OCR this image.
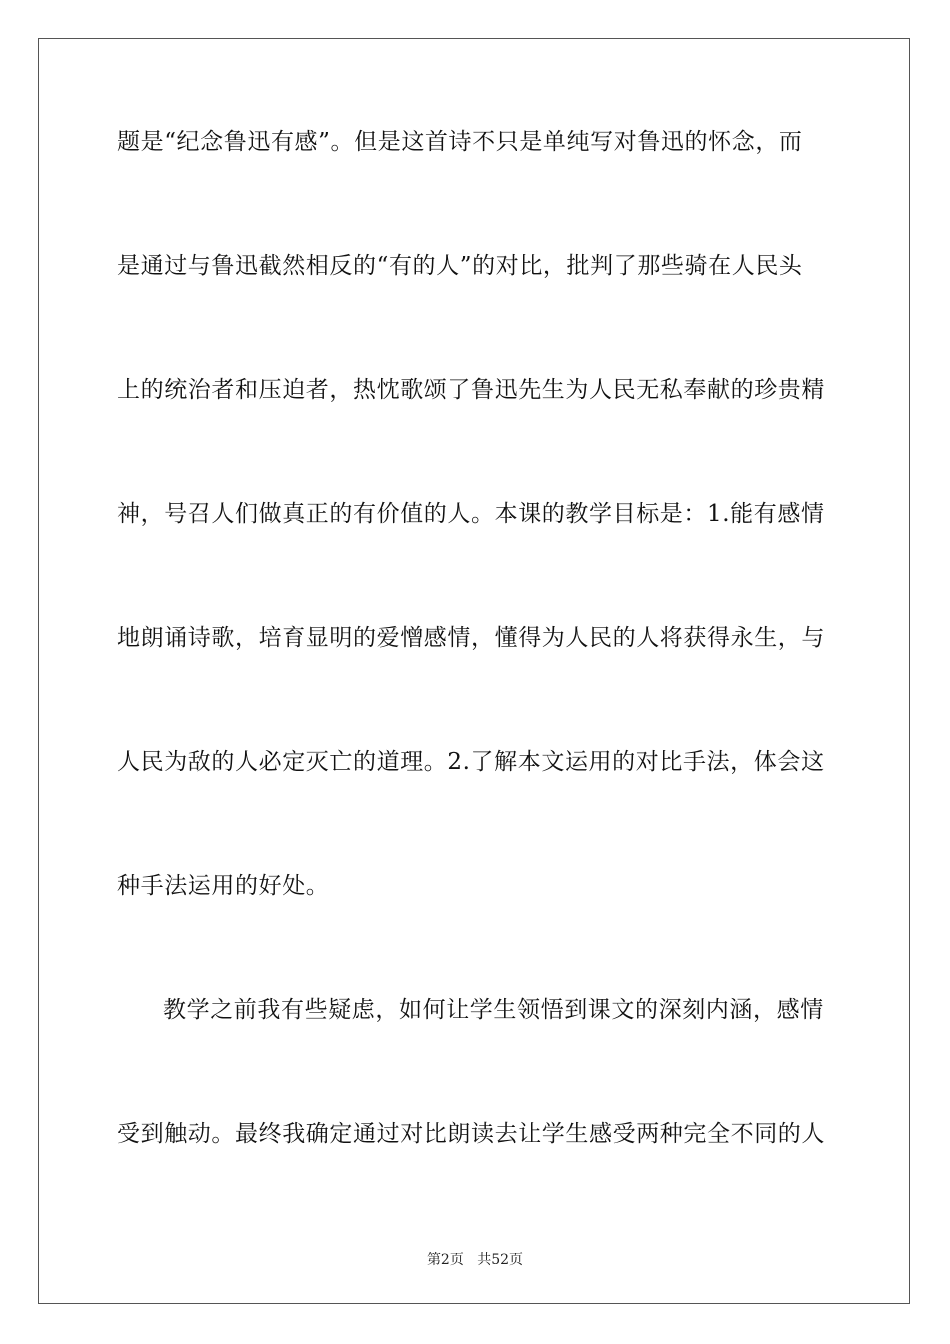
题是“纪念鲁迅有感”。但是这首诗不只是单纯写对鲁迅的怀念，而

是通过与鲁迅截然相反的“有的人”的对比，批判了那些骑在人民头

上的统治者和压迫者，热忱歌颂了鲁迅先生为人民无私奉献的珍贵精

神，号召人们做真正的有价值的人。本课的教学目标是：1.能有感情

地朗诵诗歌，培育显明的爱憎感情，懂得为人民的人将获得永生，与

人民为敌的人必定灭亡的道理。2.了解本文运用的对比手法，体会这

种手法运用的好处。

教学之前我有些疑虑，如何让学生领悟到课文的深刻内涵，感情

受到触动。最终我确定通过对比朗读去让学生感受两种完全不同的人

第2页 共52页
